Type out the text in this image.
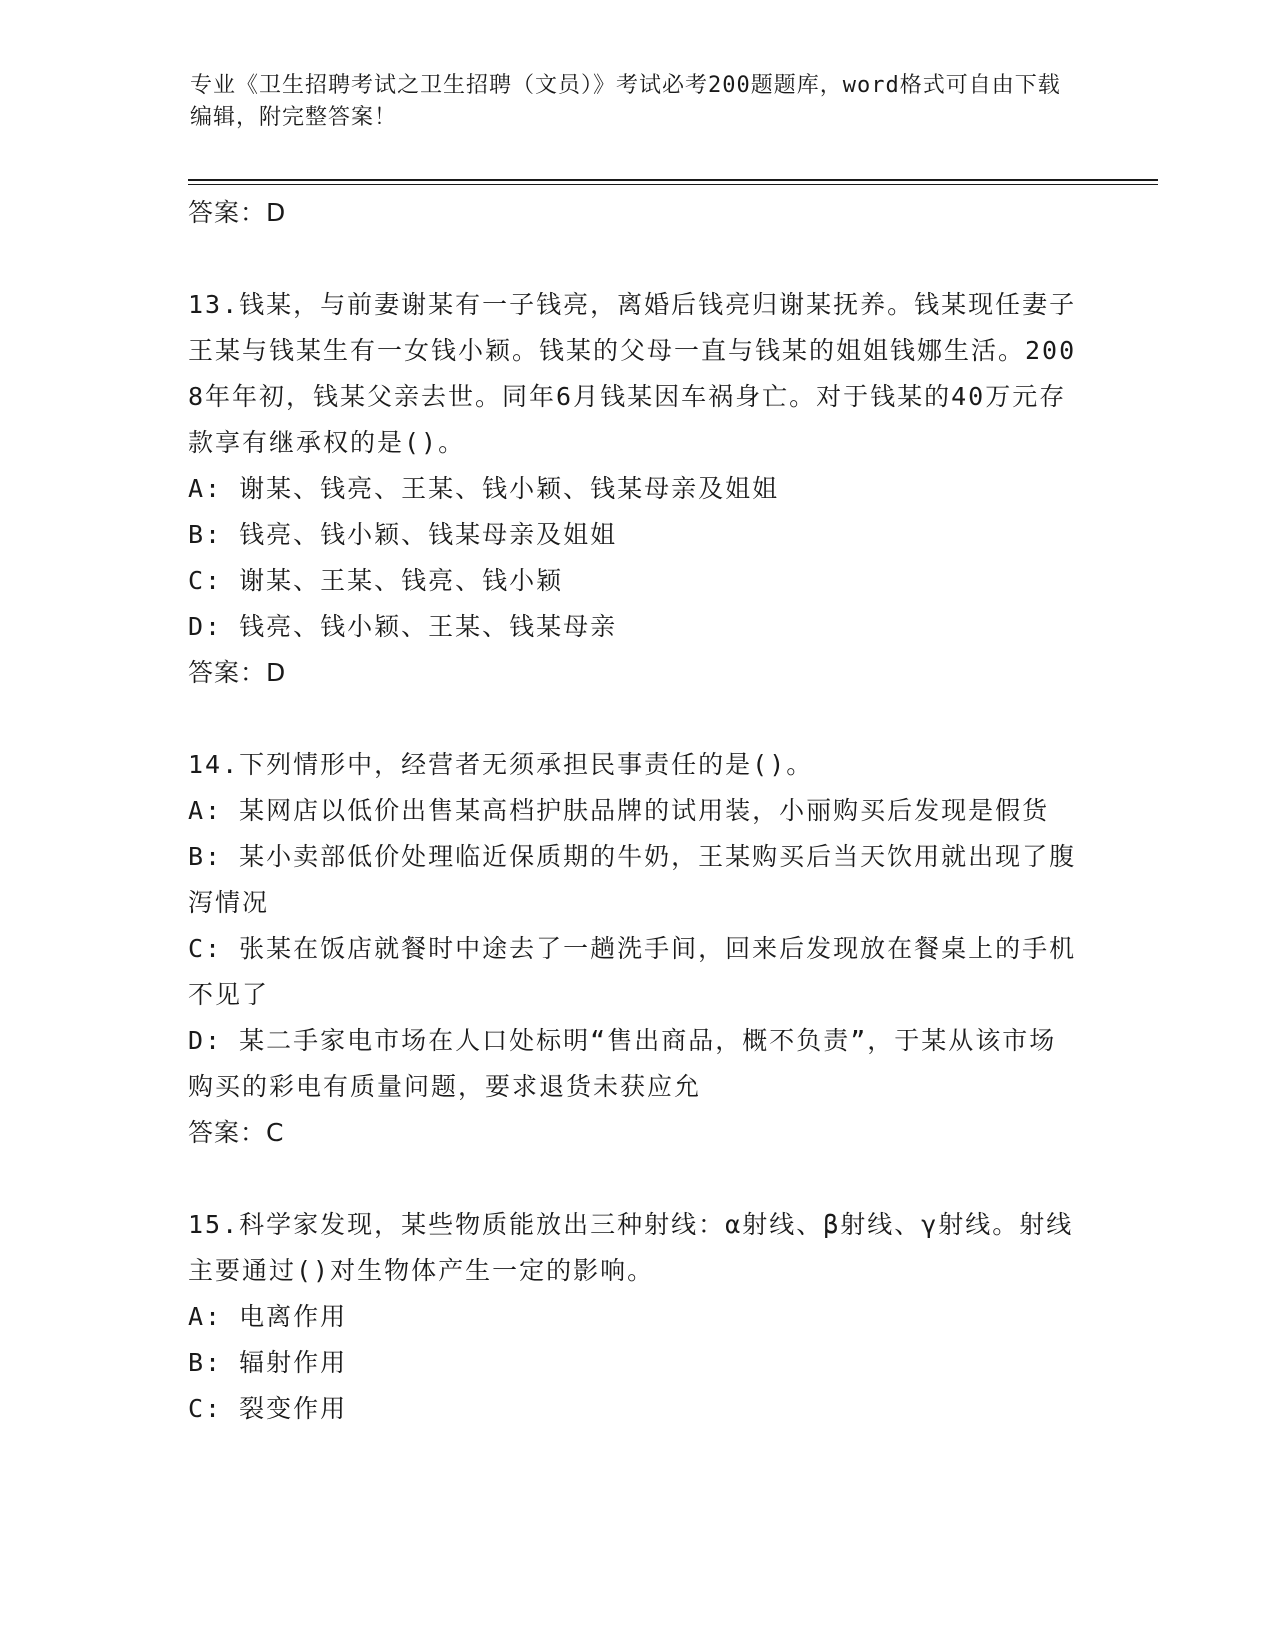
专业《卫生招聘考试之卫生招聘（文员）》考试必考200题题库，word格式可自由下载编辑，附完整答案！
答案：D
13.钱某，与前妻谢某有一子钱亮，离婚后钱亮归谢某抚养。钱某现任妻子王某与钱某生有一女钱小颖。钱某的父母一直与钱某的姐姐钱娜生活。2008年年初，钱某父亲去世。同年6月钱某因车祸身亡。对于钱某的40万元存款享有继承权的是()。
A: 谢某、钱亮、王某、钱小颖、钱某母亲及姐姐
B: 钱亮、钱小颖、钱某母亲及姐姐
C: 谢某、王某、钱亮、钱小颖
D: 钱亮、钱小颖、王某、钱某母亲
答案：D
14.下列情形中，经营者无须承担民事责任的是()。
A: 某网店以低价出售某高档护肤品牌的试用装，小丽购买后发现是假货
B: 某小卖部低价处理临近保质期的牛奶，王某购买后当天饮用就出现了腹泻情况
C: 张某在饭店就餐时中途去了一趟洗手间，回来后发现放在餐桌上的手机不见了
D: 某二手家电市场在人口处标明“售出商品，概不负责”，于某从该市场购买的彩电有质量问题，要求退货未获应允
答案：C
15.科学家发现，某些物质能放出三种射线：α射线、β射线、γ射线。射线主要通过()对生物体产生一定的影响。
A: 电离作用
B: 辐射作用
C: 裂变作用
